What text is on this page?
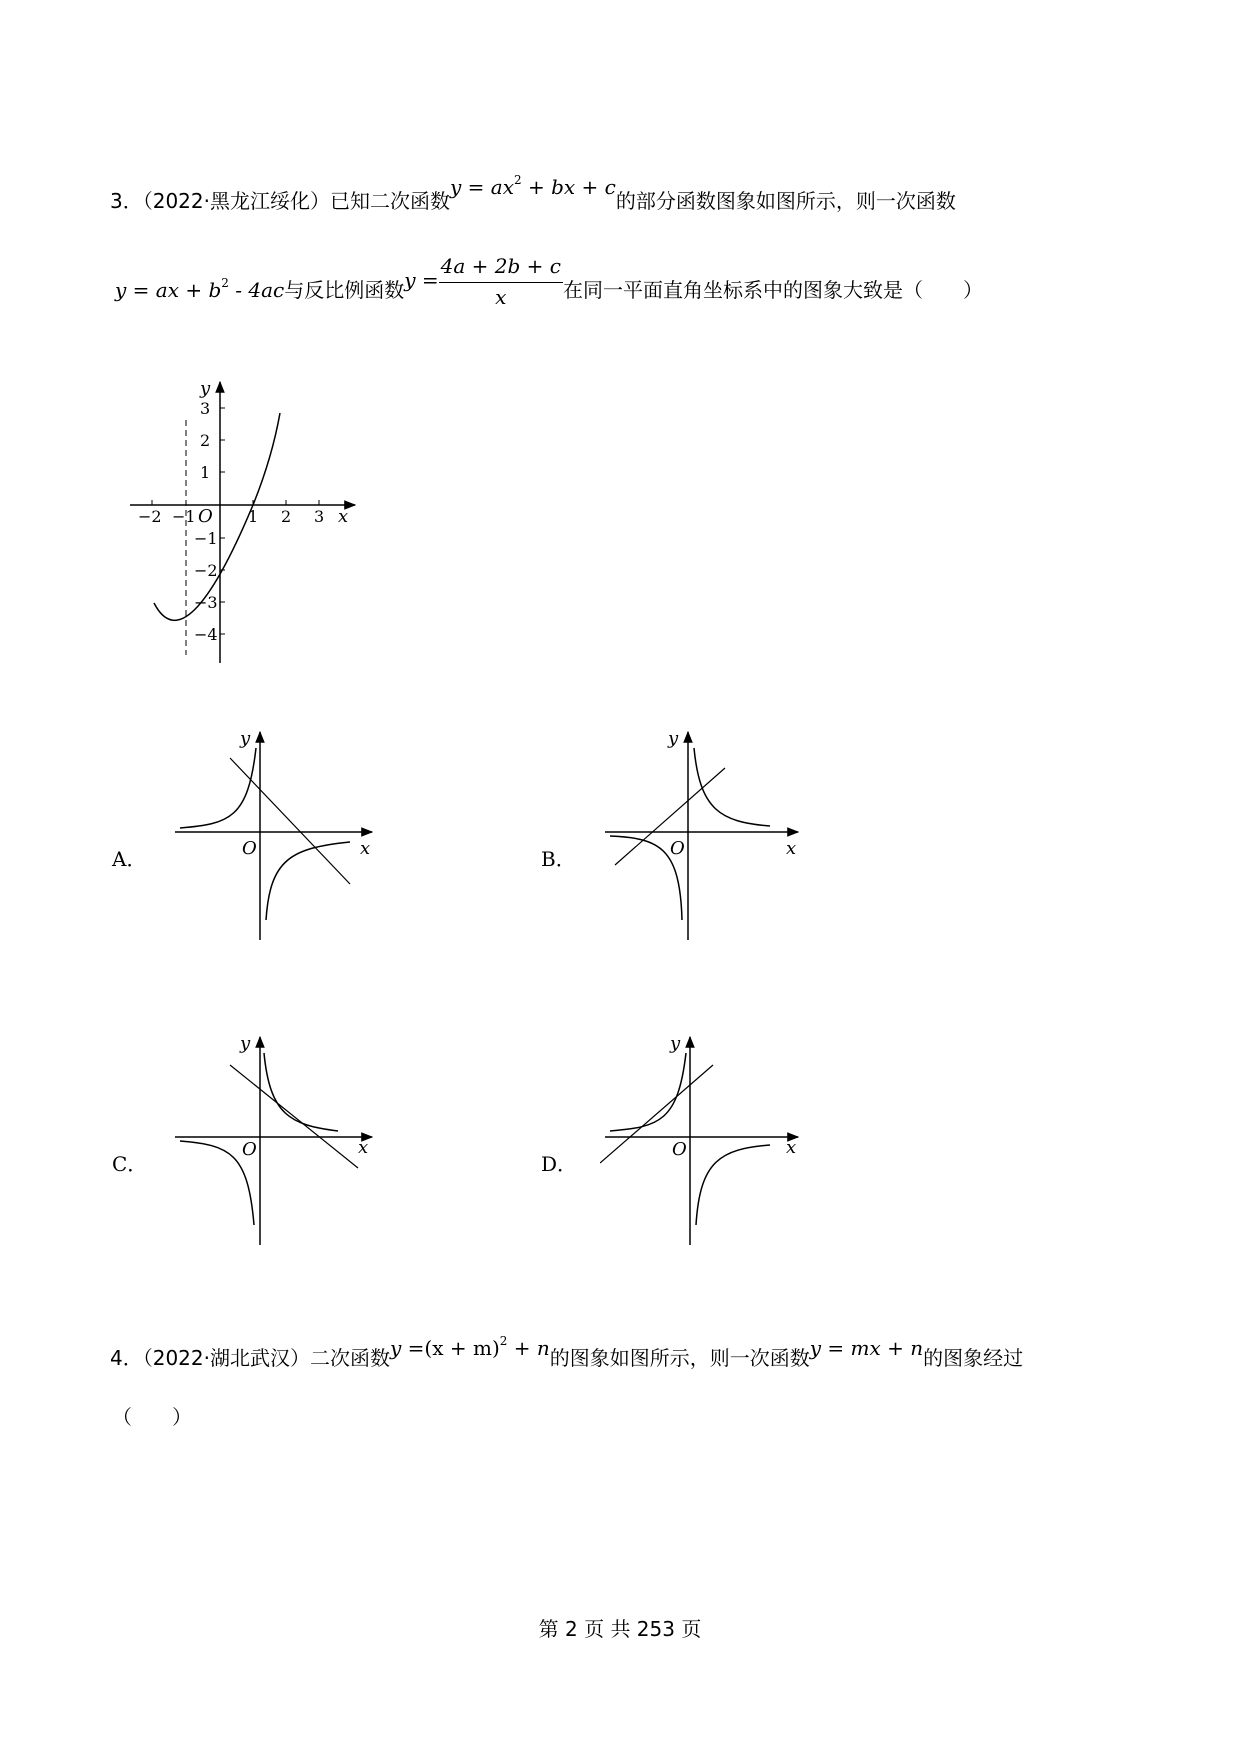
3．（2022·黑龙江绥化）已知二次函数$y = ax^2$ + bx + c的部分函数图象如图所示，则一次函数
y = ax + $b^2 - 4ac$与反比例函数$y = \frac{4a + 2b + c}{x}$ 在同一平面直角坐标系中的图象大致是（　　）
y
x
O
−2 −1	1 2 3
3
2
1
−1
−2
−3
−4
A．
y
x
O	B．
y
x
O
C．
y
x
O
D．
y
x
O
4．（2022·湖北武汉）二次函数$y =(x + m)^2 + n$的图象如图所示，则一次函数y = mx + n的图象经过
（　　）
第 2 页 共 253 页
